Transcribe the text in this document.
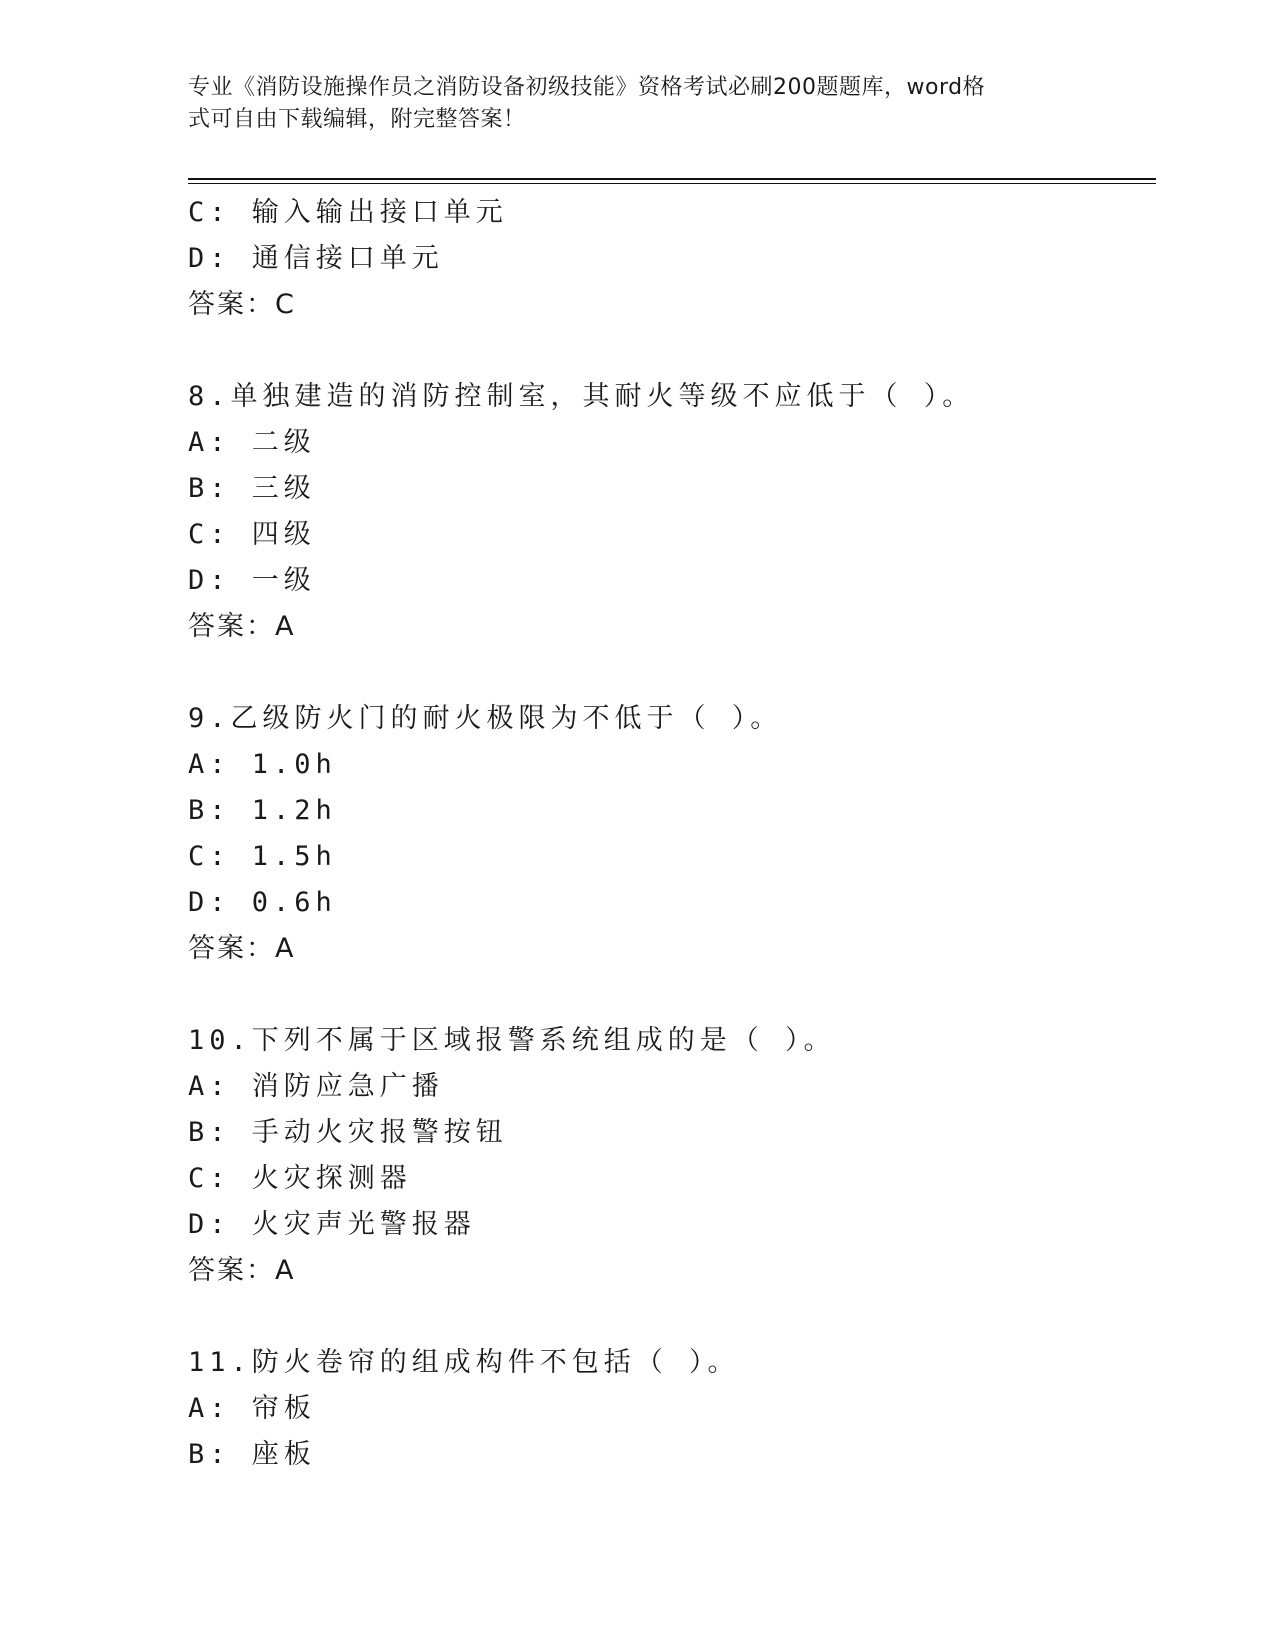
专业《消防设施操作员之消防设备初级技能》资格考试必刷200题题库，word格
式可自由下载编辑，附完整答案！
C: 输入输出接口单元
D: 通信接口单元
答案：C
8.单独建造的消防控制室，其耐火等级不应低于（ ）。
A: 二级
B: 三级
C: 四级
D: 一级
答案：A
9.乙级防火门的耐火极限为不低于（ ）。
A: 1.0h
B: 1.2h
C: 1.5h
D: 0.6h
答案：A
10.下列不属于区域报警系统组成的是（ ）。
A: 消防应急广播
B: 手动火灾报警按钮
C: 火灾探测器
D: 火灾声光警报器
答案：A
11.防火卷帘的组成构件不包括（ ）。
A: 帘板
B: 座板
